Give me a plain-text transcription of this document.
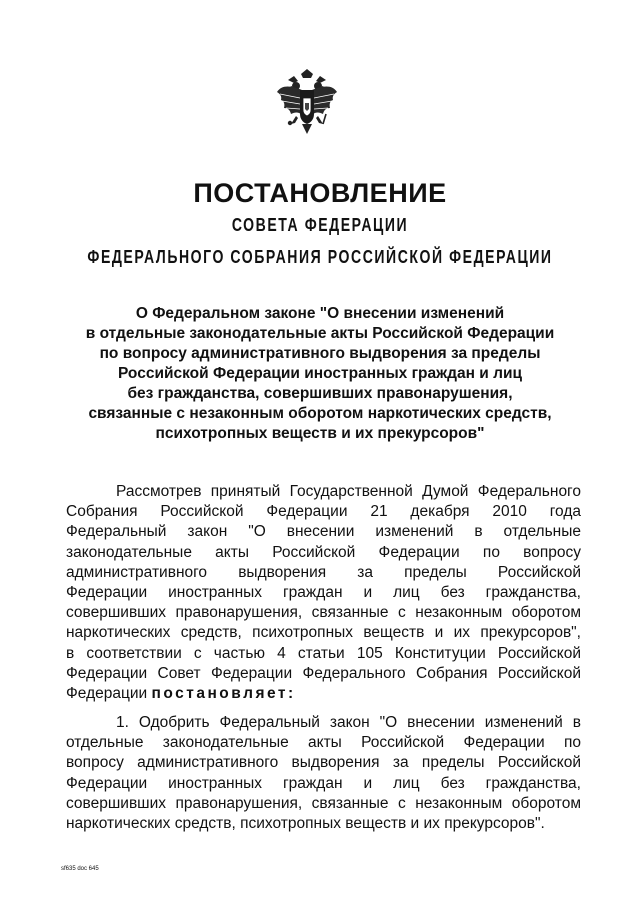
ПОСТАНОВЛЕНИЕ

СОВЕТА ФЕДЕРАЦИИ

ФЕДЕРАЛЬНОГО СОБРАНИЯ РОССИЙСКОЙ ФЕДЕРАЦИИ

О Федеральном законе "О внесении изменений
в отдельные законодательные акты Российской Федерации
по вопросу административного выдворения за пределы
Российской Федерации иностранных граждан и лиц
без гражданства, совершивших правонарушения,
связанные с незаконным оборотом наркотических средств,
психотропных веществ и их прекурсоров"
Рассмотрев принятый Государственной Думой Федерального
Собрания Российской Федерации 21 декабря 2010 года
Федеральный закон "О внесении изменений в отдельные
законодательные акты Российской Федерации по вопросу
административного выдворения за пределы Российской
Федерации иностранных граждан и лиц без гражданства,
совершивших правонарушения, связанные с незаконным оборотом
наркотических средств, психотропных веществ и их прекурсоров",
в соответствии с частью 4 статьи 105 Конституции Российской
Федерации Совет Федерации Федерального Собрания Российской
Федерации постановляет:
1. Одобрить Федеральный закон "О внесении изменений в
отдельные законодательные акты Российской Федерации по
вопросу административного выдворения за пределы Российской
Федерации иностранных граждан и лиц без гражданства,
совершивших правонарушения, связанные с незаконным оборотом
наркотических средств, психотропных веществ и их прекурсоров".

sf635 doc 645
